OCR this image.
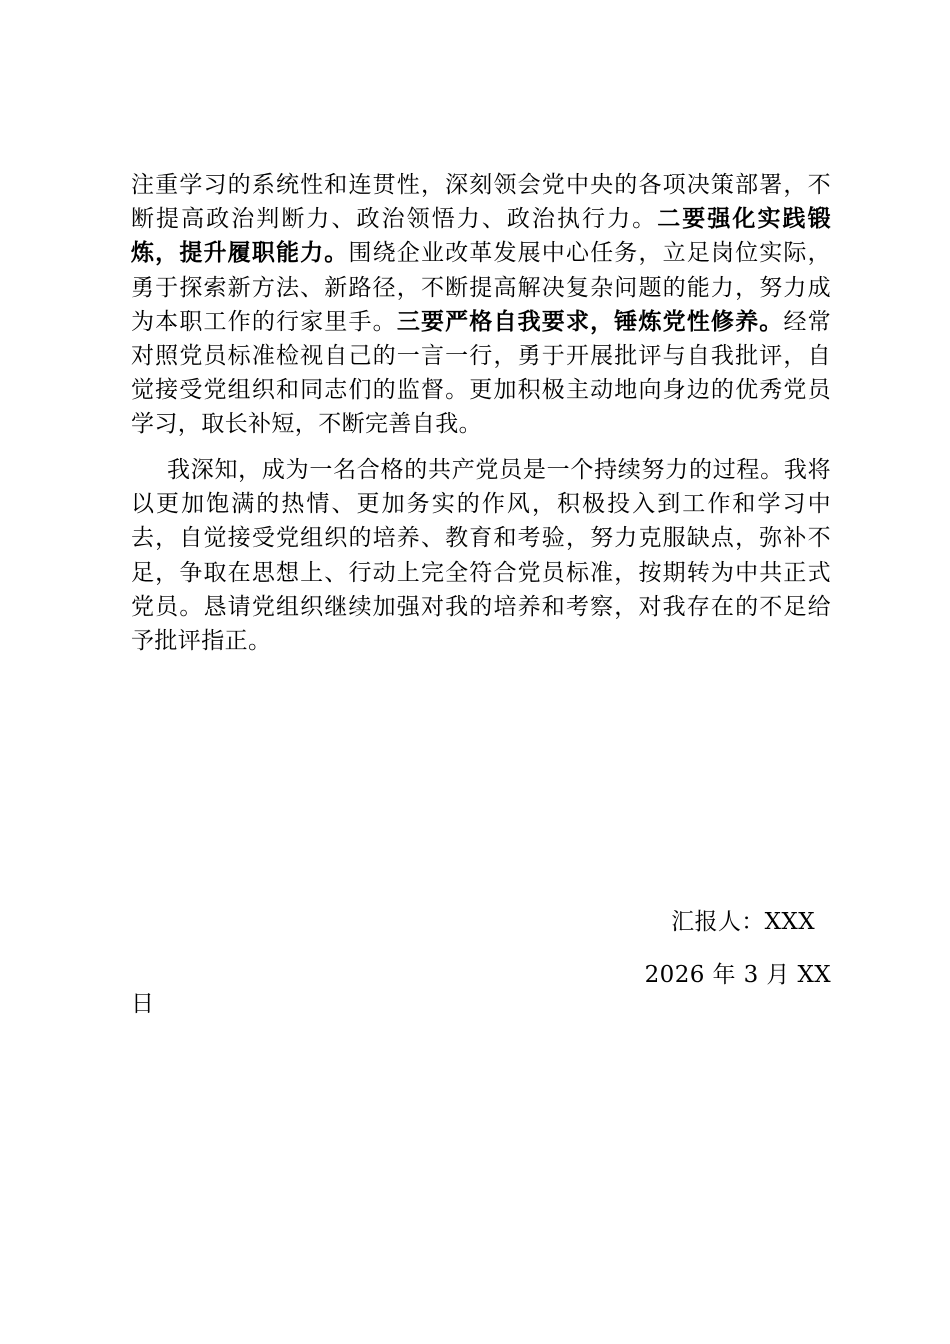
注重学习的系统性和连贯性，深刻领会党中央的各项决策部署，不断提高政治判断力、政治领悟力、政治执行力。二要强化实践锻炼，提升履职能力。围绕企业改革发展中心任务，立足岗位实际，勇于探索新方法、新路径，不断提高解决复杂问题的能力，努力成为本职工作的行家里手。三要严格自我要求，锤炼党性修养。经常对照党员标准检视自己的一言一行，勇于开展批评与自我批评，自觉接受党组织和同志们的监督。更加积极主动地向身边的优秀党员学习，取长补短，不断完善自我。

我深知，成为一名合格的共产党员是一个持续努力的过程。我将以更加饱满的热情、更加务实的作风，积极投入到工作和学习中去，自觉接受党组织的培养、教育和考验，努力克服缺点，弥补不足，争取在思想上、行动上完全符合党员标准，按期转为中共正式党员。恳请党组织继续加强对我的培养和考察，对我存在的不足给予批评指正。

汇报人：XXX
2026 年 3 月 XX
日
